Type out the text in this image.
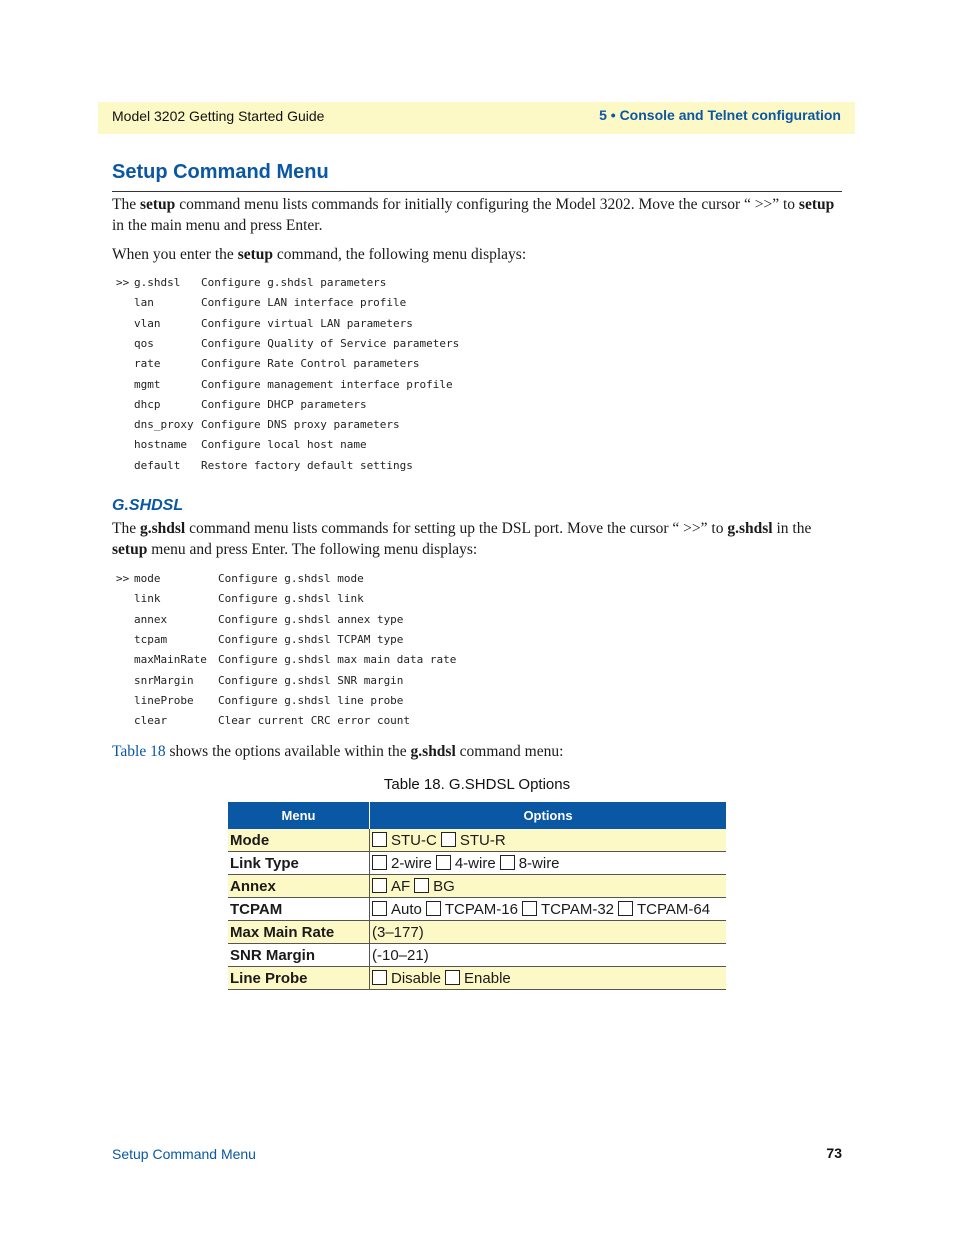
Model 3202 Getting Started Guide	5 • Console and Telnet configuration
Setup Command Menu

The setup command menu lists commands for initially configuring the Model 3202. Move the cursor “ >>” to setup in the main menu and press Enter.

When you enter the setup command, the following menu displays:

>> g.shdsl Configure g.shdsl parameters
lan	Configure LAN interface profile
vlan	Configure virtual LAN parameters
qos	Configure Quality of Service parameters
rate	Configure Rate Control parameters
mgmt	Configure management interface profile
dhcp	Configure DHCP parameters
dns_proxy Configure DNS proxy parameters
hostname Configure local host name
default Restore factory default settings
G.SHDSL

The g.shdsl command menu lists commands for setting up the DSL port. Move the cursor “ >>” to g.shdsl in the setup menu and press Enter. The following menu displays:

>> mode	Configure g.shdsl mode
link	Configure g.shdsl link
annex	Configure g.shdsl annex type
tcpam	Configure g.shdsl TCPAM type
maxMainRate Configure g.shdsl max main data rate
snrMargin Configure g.shdsl SNR margin
lineProbe Configure g.shdsl line probe
clear	Clear current CRC error count

Table 18 shows the options available within the g.shdsl command menu:

Table 18. G.SHDSL Options
Menu	Options
Mode	STU-C STU-R
Link Type	2-wire 4-wire 8-wire
Annex	AF BG
TCPAM	Auto TCPAM-16 TCPAM-32 TCPAM-64
Max Main Rate	(3–177)
SNR Margin	(-10–21)
Line Probe	Disable Enable
Setup Command Menu	73
